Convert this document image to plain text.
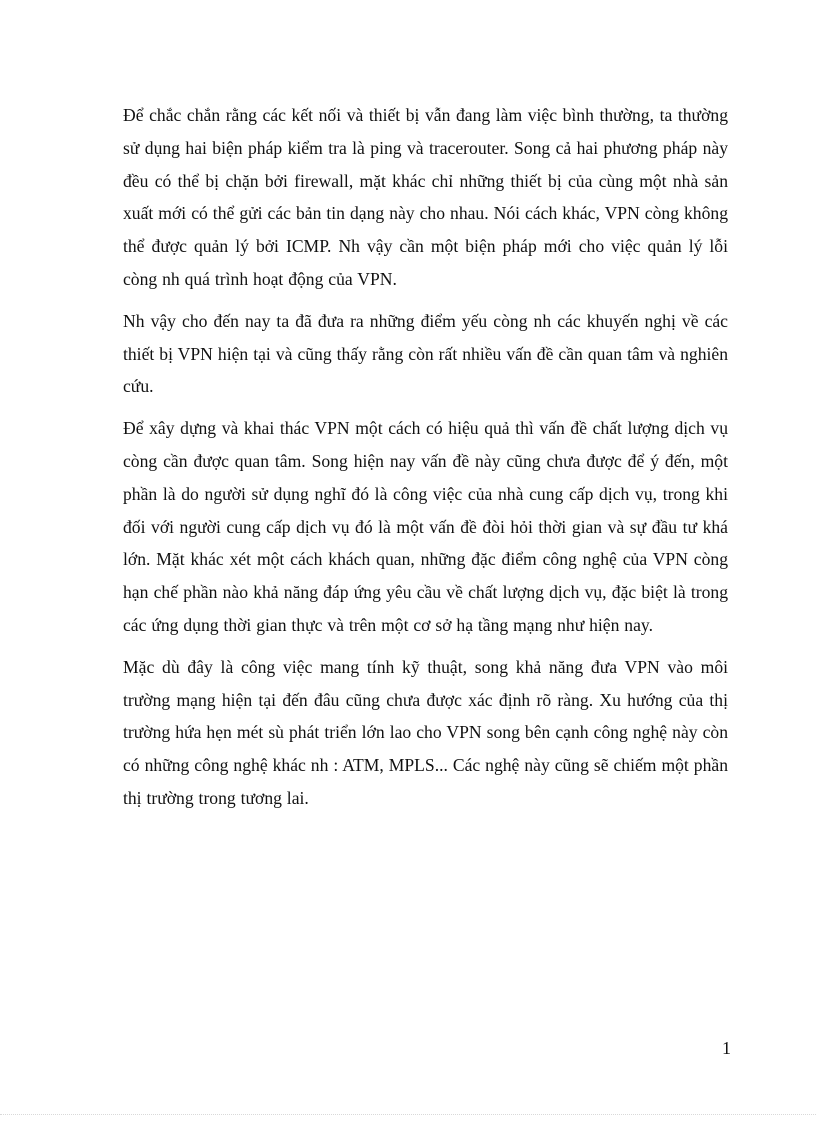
Để chắc chắn rằng các kết nối và thiết bị vẫn đang làm việc bình thường, ta thường sử dụng hai biện pháp kiểm tra là ping và tracerouter. Song cả hai phương pháp này đều có thể bị chặn bởi firewall, mặt khác chỉ những thiết bị của cùng một nhà sản xuất mới có thể gửi các bản tin dạng này cho nhau. Nói cách khác, VPN còng không thể được quản lý bởi ICMP. Nh vậy cần một biện pháp mới cho việc quản lý lỗi còng nh quá trình hoạt động của VPN.

Nh vậy cho đến nay ta đã đưa ra những điểm yếu còng nh các khuyến nghị về các thiết bị VPN hiện tại và cũng thấy rằng còn rất nhiều vấn đề cần quan tâm và nghiên cứu.

Để xây dựng và khai thác VPN một cách có hiệu quả thì vấn đề chất lượng dịch vụ còng cần được quan tâm. Song hiện nay vấn đề này cũng chưa được để ý đến, một phần là do người sử dụng nghĩ đó là công việc của nhà cung cấp dịch vụ, trong khi đối với người cung cấp dịch vụ đó là một vấn đề đòi hỏi thời gian và sự đầu tư khá lớn. Mặt khác xét một cách khách quan, những đặc điểm công nghệ của VPN còng hạn chế phần nào khả năng đáp ứng yêu cầu về chất lượng dịch vụ, đặc biệt là trong các ứng dụng thời gian thực và trên một cơ sở hạ tầng mạng như hiện nay.

Mặc dù đây là công việc mang tính kỹ thuật, song khả năng đưa VPN vào môi trường mạng hiện tại đến đâu cũng chưa được xác định rõ ràng. Xu hướng của thị trường hứa hẹn mét sù phát triển lớn lao cho VPN song bên cạnh công nghệ này còn có những công nghệ khác nh : ATM, MPLS... Các nghệ này cũng sẽ chiếm một phần thị trường trong tương lai.

1
